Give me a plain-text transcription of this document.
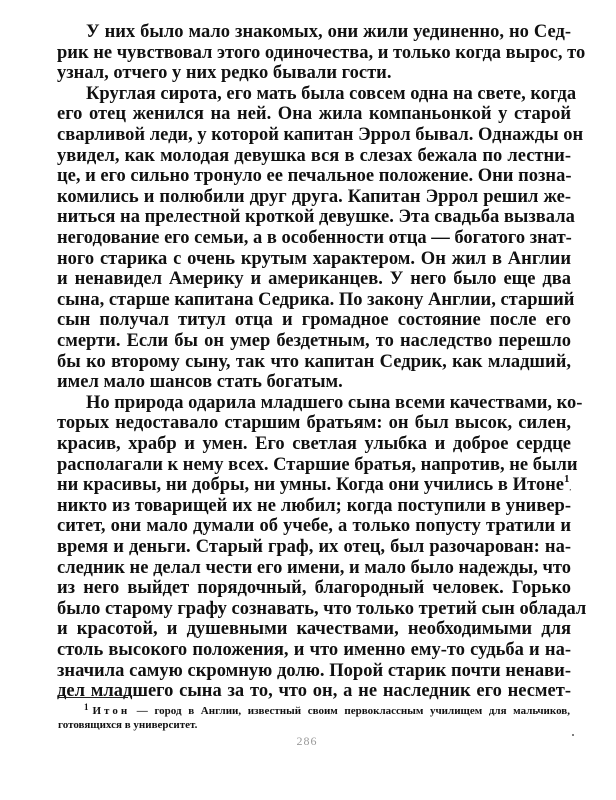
У них было мало знакомых, они жили уединенно, но Сед-
рик не чувствовал этого одиночества, и только когда вырос, то
узнал, отчего у них редко бывали гости.
Круглая сирота, его мать была совсем одна на свете, когда
его отец женился на ней. Она жила компаньонкой у старой
сварливой леди, у которой капитан Эррол бывал. Однажды он
увидел, как молодая девушка вся в слезах бежала по лестни-
це, и его сильно тронуло ее печальное положение. Они позна-
комились и полюбили друг друга. Капитан Эррол решил же-
ниться на прелестной кроткой девушке. Эта свадьба вызвала
негодование его семьи, а в особенности отца — богатого знат-
ного старика с очень крутым характером. Он жил в Англии
и ненавидел Америку и американцев. У него было еще два
сына, старше капитана Седрика. По закону Англии, старший
сын получал титул отца и громадное состояние после его
смерти. Если бы он умер бездетным, то наследство перешло
бы ко второму сыну, так что капитан Седрик, как младший,
имел мало шансов стать богатым.
Но природа одарила младшего сына всеми качествами, ко-
торых недоставало старшим братьям: он был высок, силен,
красив, храбр и умен. Его светлая улыбка и доброе сердце
располагали к нему всех. Старшие братья, напротив, не были
ни красивы, ни добры, ни умны. Когда они учились в Итоне$^1$,
никто из товарищей их не любил; когда поступили в универ-
ситет, они мало думали об учебе, а только попусту тратили и
время и деньги. Старый граф, их отец, был разочарован: на-
следник не делал чести его имени, и мало было надежды, что
из него выйдет порядочный, благородный человек. Горько
было старому графу сознавать, что только третий сын обладал
и красотой, и душевными качествами, необходимыми для
столь высокого положения, и что именно ему-то судьба и на-
значила самую скромную долю. Порой старик почти ненави-
дел младшего сына за то, что он, а не наследник его несмет-
$^1$ Итон — город в Англии, известный своим первоклассным училищем для мальчиков,
готовящихся в университет.
286
